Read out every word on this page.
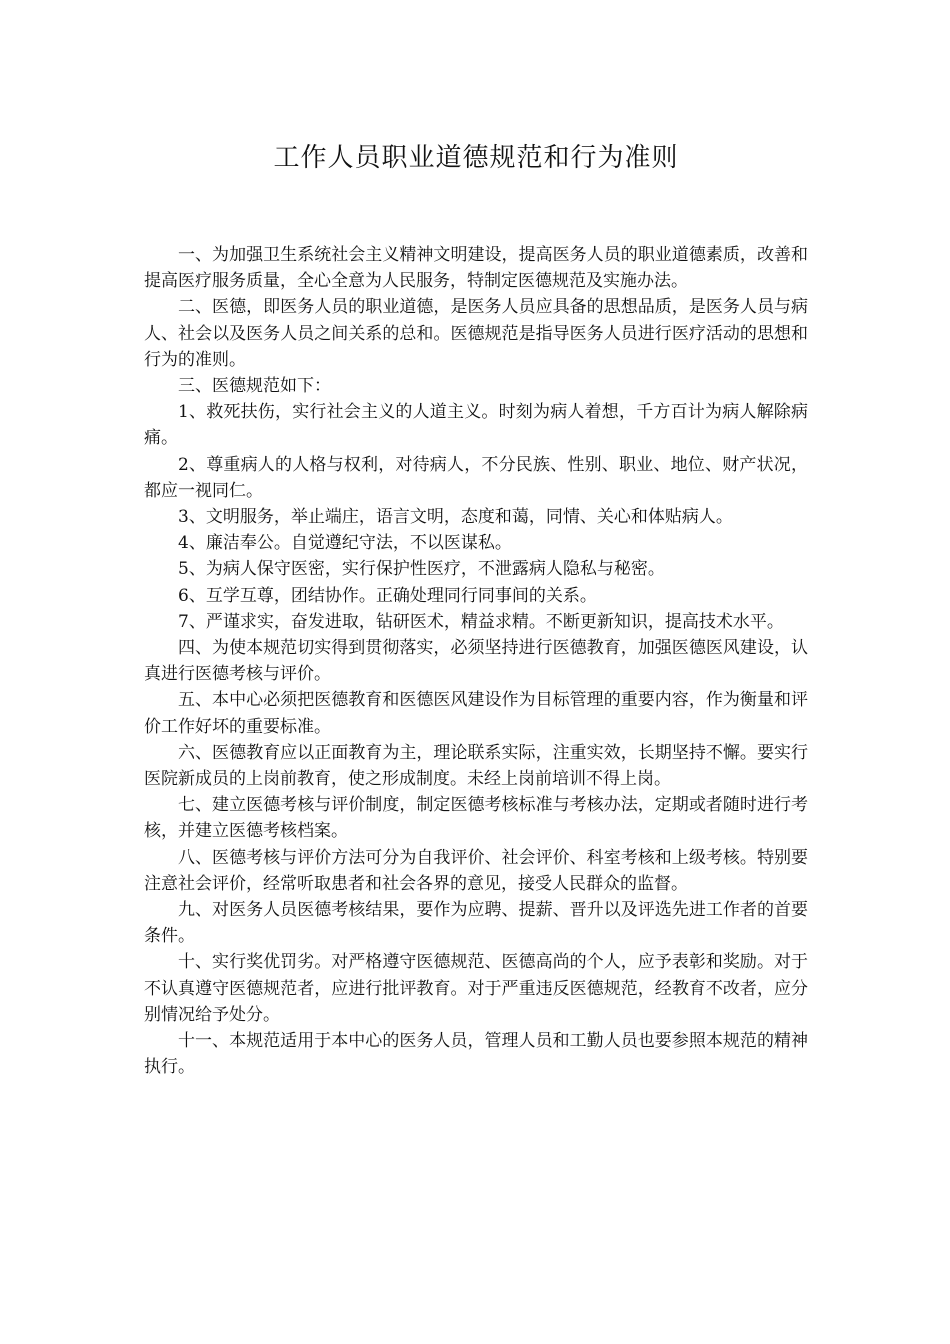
工作人员职业道德规范和行为准则

一、为加强卫生系统社会主义精神文明建设，提高医务人员的职业道德素质，改善和提高医疗服务质量，全心全意为人民服务，特制定医德规范及实施办法。

二、医德，即医务人员的职业道德，是医务人员应具备的思想品质，是医务人员与病人、社会以及医务人员之间关系的总和。医德规范是指导医务人员进行医疗活动的思想和行为的准则。

三、医德规范如下：

1、救死扶伤，实行社会主义的人道主义。时刻为病人着想，千方百计为病人解除病痛。

2、尊重病人的人格与权利，对待病人，不分民族、性别、职业、地位、财产状况，都应一视同仁。

3、文明服务，举止端庄，语言文明，态度和蔼，同情、关心和体贴病人。

4、廉洁奉公。自觉遵纪守法，不以医谋私。

5、为病人保守医密，实行保护性医疗，不泄露病人隐私与秘密。

6、互学互尊，团结协作。正确处理同行同事间的关系。

7、严谨求实，奋发进取，钻研医术，精益求精。不断更新知识，提高技术水平。

四、为使本规范切实得到贯彻落实，必须坚持进行医德教育，加强医德医风建设，认真进行医德考核与评价。

五、本中心必须把医德教育和医德医风建设作为目标管理的重要内容，作为衡量和评价工作好坏的重要标准。

六、医德教育应以正面教育为主，理论联系实际，注重实效，长期坚持不懈。要实行医院新成员的上岗前教育，使之形成制度。未经上岗前培训不得上岗。

七、建立医德考核与评价制度，制定医德考核标准与考核办法，定期或者随时进行考核，并建立医德考核档案。

八、医德考核与评价方法可分为自我评价、社会评价、科室考核和上级考核。特别要注意社会评价，经常听取患者和社会各界的意见，接受人民群众的监督。

九、对医务人员医德考核结果，要作为应聘、提薪、晋升以及评选先进工作者的首要条件。

十、实行奖优罚劣。对严格遵守医德规范、医德高尚的个人，应予表彰和奖励。对于不认真遵守医德规范者，应进行批评教育。对于严重违反医德规范，经教育不改者，应分别情况给予处分。

十一、本规范适用于本中心的医务人员，管理人员和工勤人员也要参照本规范的精神执行。
